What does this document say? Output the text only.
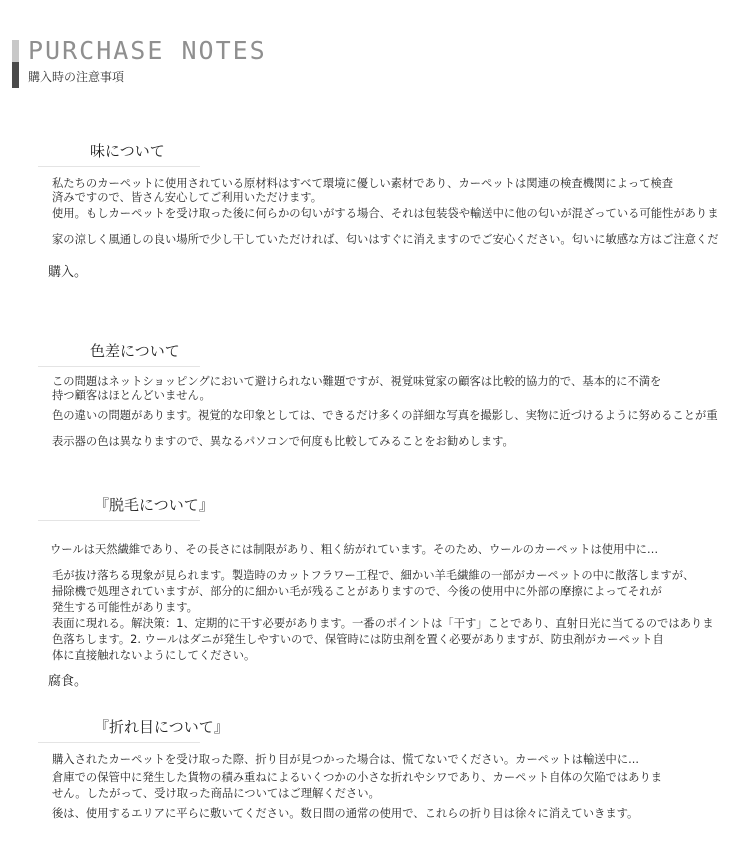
PURCHASE NOTES
購入時の注意事項
味について
私たちのカーペットに使用されている原材料はすべて環境に優しい素材であり、カーペットは関連の検査機関によって検査
済みですので、皆さん安心してご利用いただけます。
使用。もしカーペットを受け取った後に何らかの匂いがする場合、それは包装袋や輸送中に他の匂いが混ざっている可能性がありま
家の涼しく風通しの良い場所で少し干していただければ、匂いはすぐに消えますのでご安心ください。匂いに敏感な方はご注意くだ
購入。
色差について
この問題はネットショッピングにおいて避けられない難題ですが、視覚味覚家の顧客は比較的協力的で、基本的に不満を
持つ顧客はほとんどいません。
色の違いの問題があります。視覚的な印象としては、できるだけ多くの詳細な写真を撮影し、実物に近づけるように努めることが重
表示器の色は異なりますので、異なるパソコンで何度も比較してみることをお勧めします。
『脱毛について』
ウールは天然繊維であり、その長さには制限があり、粗く紡がれています。そのため、ウールのカーペットは使用中に…
毛が抜け落ちる現象が見られます。製造時のカットフラワー工程で、細かい羊毛繊維の一部がカーペットの中に散落しますが、
掃除機で処理されていますが、部分的に細かい毛が残ることがありますので、今後の使用中に外部の摩擦によってそれが
発生する可能性があります。
表面に現れる。解決策：1、定期的に干す必要があります。一番のポイントは「干す」ことであり、直射日光に当てるのではありま
色落ちします。2. ウールはダニが発生しやすいので、保管時には防虫剤を置く必要がありますが、防虫剤がカーペット自
体に直接触れないようにしてください。
腐食。
『折れ目について』
購入されたカーペットを受け取った際、折り目が見つかった場合は、慌てないでください。カーペットは輸送中に...
倉庫での保管中に発生した貨物の積み重ねによるいくつかの小さな折れやシワであり、カーペット自体の欠陥ではありま
せん。したがって、受け取った商品についてはご理解ください。
後は、使用するエリアに平らに敷いてください。数日間の通常の使用で、これらの折り目は徐々に消えていきます。
